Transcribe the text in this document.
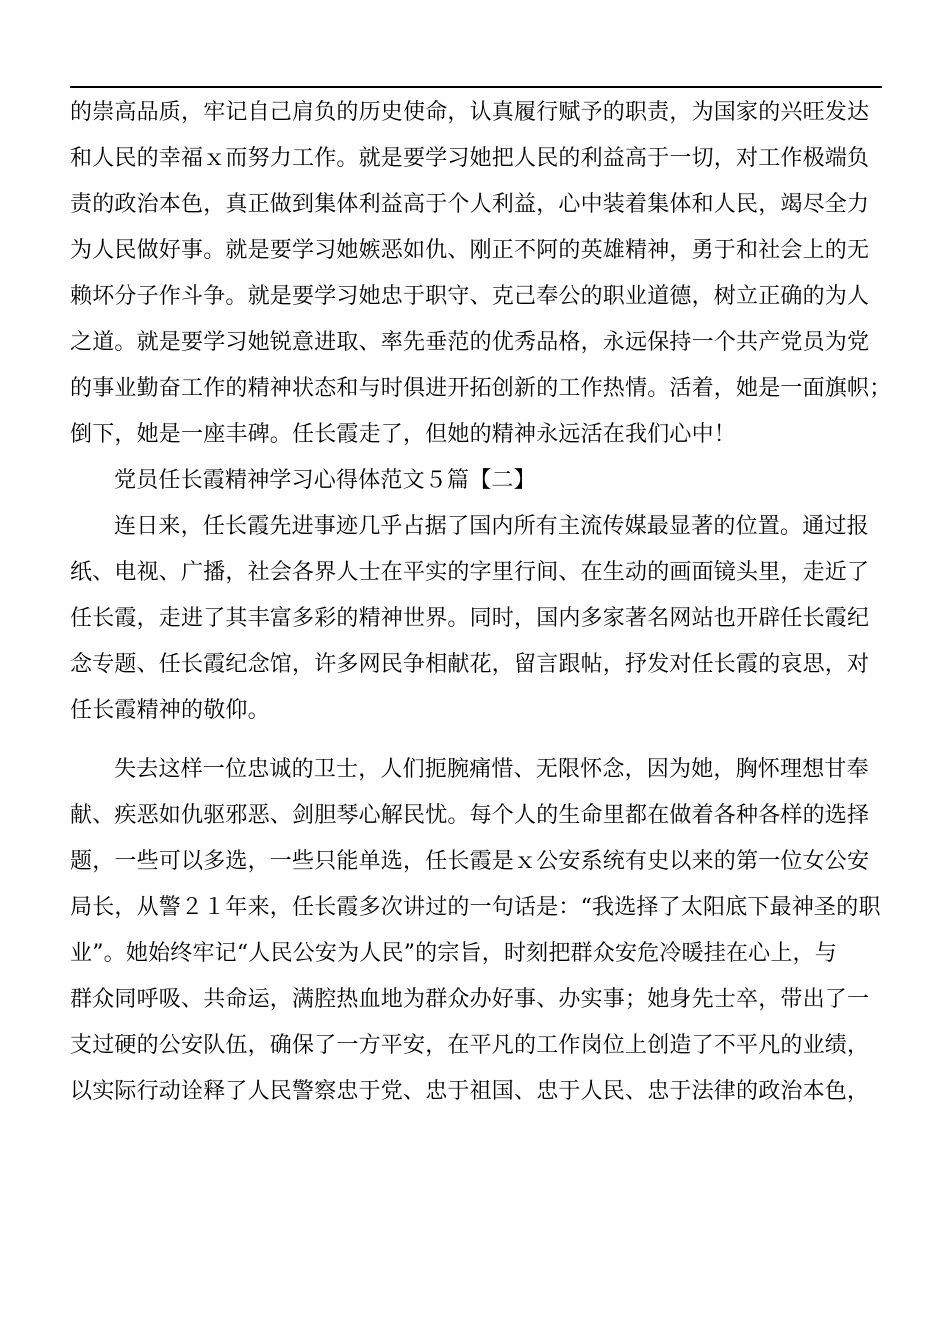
的崇高品质，牢记自己肩负的历史使命，认真履行赋予的职责，为国家的兴旺发达
和人民的幸福ｘ而努力工作。就是要学习她把人民的利益高于一切，对工作极端负
责的政治本色，真正做到集体利益高于个人利益，心中装着集体和人民，竭尽全力
为人民做好事。就是要学习她嫉恶如仇、刚正不阿的英雄精神，勇于和社会上的无
赖坏分子作斗争。就是要学习她忠于职守、克己奉公的职业道德，树立正确的为人
之道。就是要学习她锐意进取、率先垂范的优秀品格，永远保持一个共产党员为党
的事业勤奋工作的精神状态和与时俱进开拓创新的工作热情。活着，她是一面旗帜；
倒下，她是一座丰碑。任长霞走了，但她的精神永远活在我们心中！

党员任长霞精神学习心得体范文５篇【二】

连日来，任长霞先进事迹几乎占据了国内所有主流传媒最显著的位置。通过报
纸、电视、广播，社会各界人士在平实的字里行间、在生动的画面镜头里，走近了
任长霞，走进了其丰富多彩的精神世界。同时，国内多家著名网站也开辟任长霞纪
念专题、任长霞纪念馆，许多网民争相献花，留言跟帖，抒发对任长霞的哀思，对
任长霞精神的敬仰。

失去这样一位忠诚的卫士，人们扼腕痛惜、无限怀念，因为她，胸怀理想甘奉
献、疾恶如仇驱邪恶、剑胆琴心解民忧。每个人的生命里都在做着各种各样的选择
题，一些可以多选，一些只能单选，任长霞是ｘ公安系统有史以来的第一位女公安
局长，从警２１年来，任长霞多次讲过的一句话是：“我选择了太阳底下最神圣的职
业”。她始终牢记“人民公安为人民”的宗旨，时刻把群众安危冷暖挂在心上，与
群众同呼吸、共命运，满腔热血地为群众办好事、办实事；她身先士卒，带出了一
支过硬的公安队伍，确保了一方平安，在平凡的工作岗位上创造了不平凡的业绩，
以实际行动诠释了人民警察忠于党、忠于祖国、忠于人民、忠于法律的政治本色，
